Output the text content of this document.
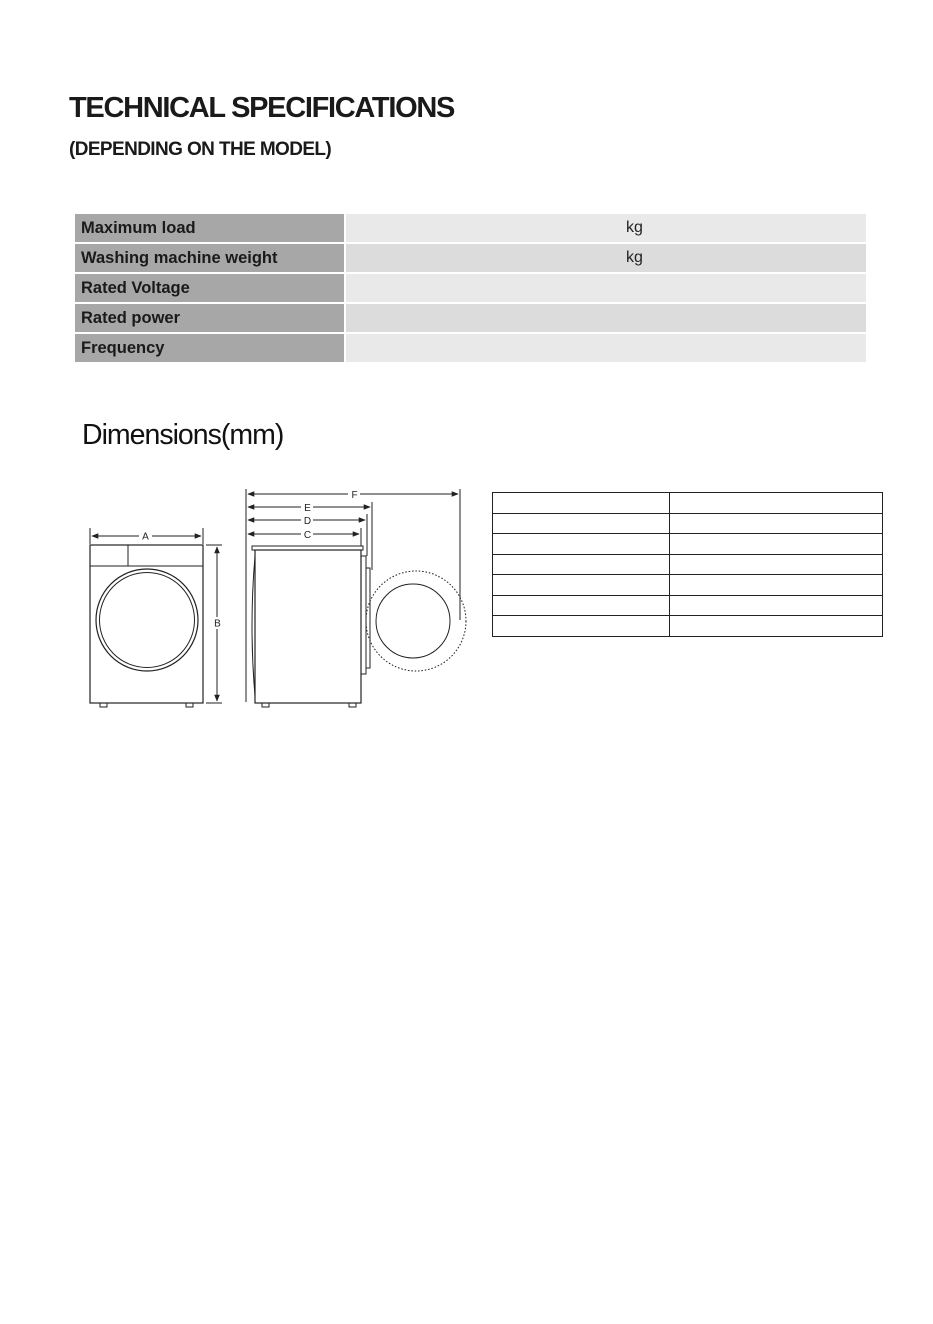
TECHNICAL SPECIFICATIONS
(DEPENDING ON THE MODEL)
Maximum load	kg

Washing machine weight	kg

Rated Voltage	

Rated power	

Frequency	
Dimensions(mm)
A
B
F
E
D
C
